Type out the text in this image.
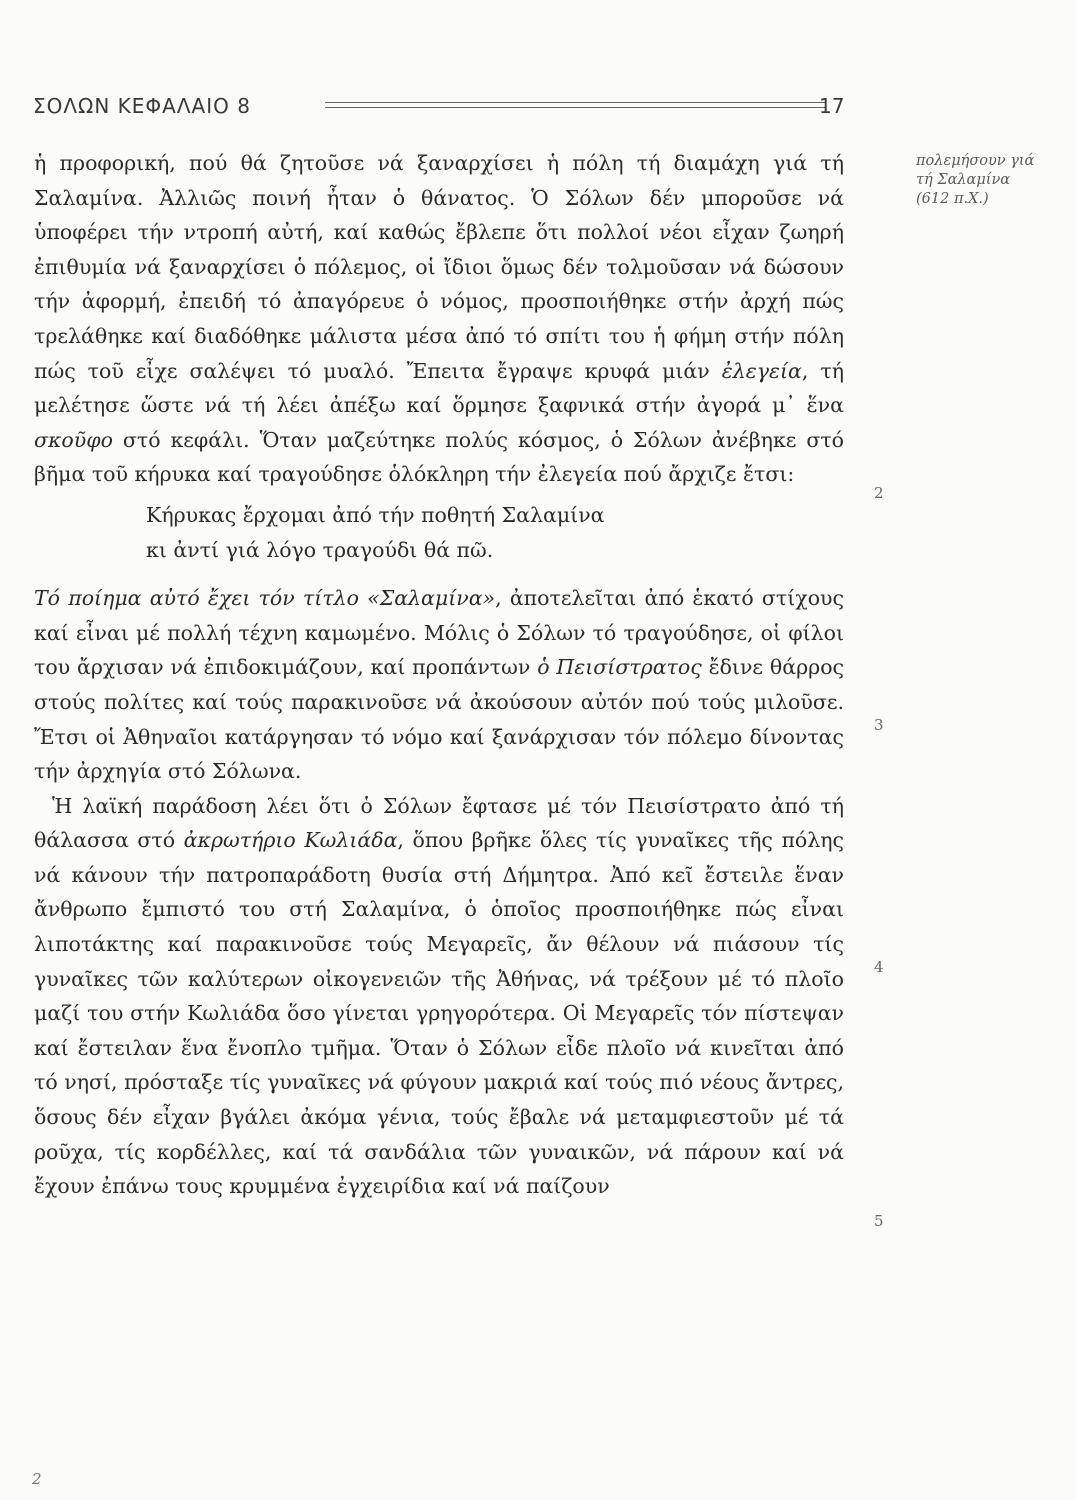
ΣΟΛΩΝ ΚΕΦΑΛΑΙΟ 8	17
πολεμήσουν γιά
τή Σαλαμίνα
(612 π.Χ.)
2
3
4
5

ἡ προφορική, πού θά ζητοῦσε νά ξαναρχίσει ἡ πόλη τή διαμάχη γιά τή Σαλαμίνα. Ἀλλιῶς ποινή ἦταν ὁ θάνατος. Ὁ Σόλων δέν μποροῦσε νά ὑποφέρει τήν ντροπή αὐτή, καί καθώς ἔβλεπε ὅτι πολλοί νέοι εἶχαν ζωηρή ἐπιθυμία νά ξαναρχίσει ὁ πόλεμος, οἱ ἴδιοι ὅμως δέν τολμοῦσαν νά δώσουν τήν ἀφορμή, ἐπειδή τό ἀπαγόρευε ὁ νόμος, προσποιήθηκε στήν ἀρχή πώς τρελάθηκε καί διαδόθηκε μάλιστα μέσα ἀπό τό σπίτι του ἡ φήμη στήν πόλη πώς τοῦ εἶχε σαλέψει τό μυαλό. Ἔπειτα ἔγραψε κρυφά μιάν ἐλεγεία, τή μελέτησε ὥστε νά τή λέει ἀπέξω καί ὅρμησε ξαφνικά στήν ἀγορά μ᾽ ἕνα σκοῦφο στό κεφάλι. Ὅταν μαζεύτηκε πολύς κόσμος, ὁ Σόλων ἀνέβηκε στό βῆμα τοῦ κήρυκα καί τραγούδησε ὁλόκληρη τήν ἐλεγεία πού ἄρχιζε ἔτσι:

Κήρυκας ἔρχομαι ἀπό τήν ποθητή Σαλαμίνα
κι ἀντί γιά λόγο τραγούδι θά πῶ.

Τό ποίημα αὐτό ἔχει τόν τίτλο «Σαλαμίνα», ἀποτελεῖται ἀπό ἑκατό στίχους καί εἶναι μέ πολλή τέχνη καμωμένο. Μόλις ὁ Σόλων τό τραγούδησε, οἱ φίλοι του ἄρχισαν νά ἐπιδοκιμάζουν, καί προπάντων ὁ Πεισίστρατος ἔδινε θάρρος στούς πολίτες καί τούς παρακινοῦσε νά ἀκούσουν αὐτόν πού τούς μιλοῦσε. Ἔτσι οἱ Ἀθηναῖοι κατάργησαν τό νόμο καί ξανάρχισαν τόν πόλεμο δίνοντας τήν ἀρχηγία στό Σόλωνα.

Ἡ λαϊκή παράδοση λέει ὅτι ὁ Σόλων ἔφτασε μέ τόν Πεισίστρατο ἀπό τή θάλασσα στό ἀκρωτήριο Κωλιάδα, ὅπου βρῆκε ὅλες τίς γυναῖκες τῆς πόλης νά κάνουν τήν πατροπαράδοτη θυσία στή Δήμητρα. Ἀπό κεῖ ἔστειλε ἕναν ἄνθρωπο ἔμπιστό του στή Σαλαμίνα, ὁ ὁποῖος προσποιήθηκε πώς εἶναι λιποτάκτης καί παρακινοῦσε τούς Μεγαρεῖς, ἄν θέλουν νά πιάσουν τίς γυναῖκες τῶν καλύτερων οἰκογενειῶν τῆς Ἀθήνας, νά τρέξουν μέ τό πλοῖο μαζί του στήν Κωλιάδα ὅσο γίνεται γρηγορότερα. Οἱ Μεγαρεῖς τόν πίστεψαν καί ἔστειλαν ἕνα ἔνοπλο τμῆμα. Ὅταν ὁ Σόλων εἶδε πλοῖο νά κινεῖται ἀπό τό νησί, πρόσταξε τίς γυναῖκες νά φύγουν μακριά καί τούς πιό νέους ἄντρες, ὅσους δέν εἶχαν βγάλει ἀκόμα γένια, τούς ἔβαλε νά μεταμφιεστοῦν μέ τά ροῦχα, τίς κορδέλλες, καί τά σανδάλια τῶν γυναικῶν, νά πάρουν καί νά ἔχουν ἐπάνω τους κρυμμένα ἐγχειρίδια καί νά παίζουν

2
